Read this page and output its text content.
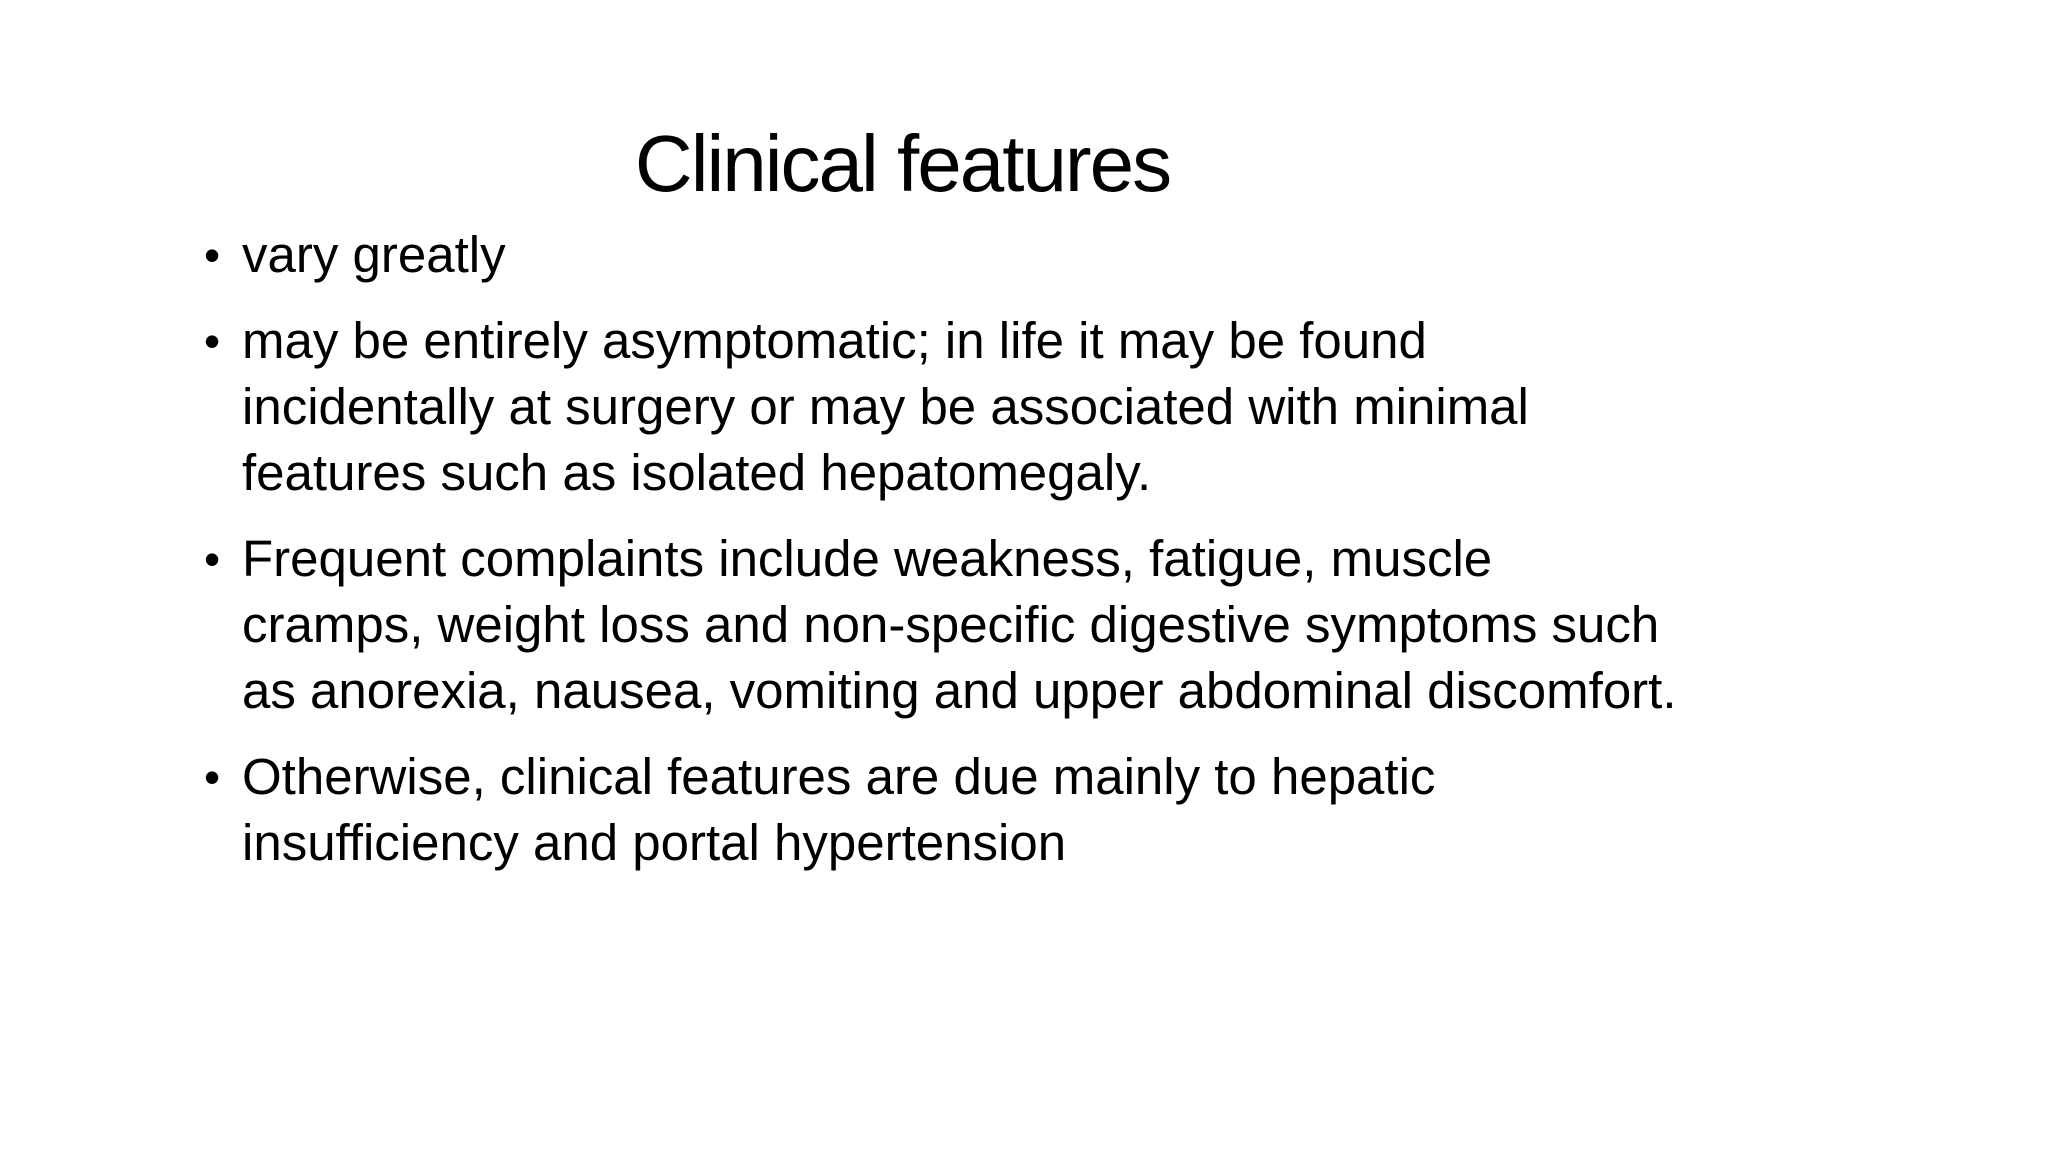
Clinical features
• vary greatly
• may be entirely asymptomatic; in life it may be found incidentally at surgery or may be associated with minimal features such as isolated hepatomegaly.
• Frequent complaints include weakness, fatigue, muscle cramps, weight loss and non-specific digestive symptoms such as anorexia, nausea, vomiting and upper abdominal discomfort.
• Otherwise, clinical features are due mainly to hepatic insufficiency and portal hypertension
